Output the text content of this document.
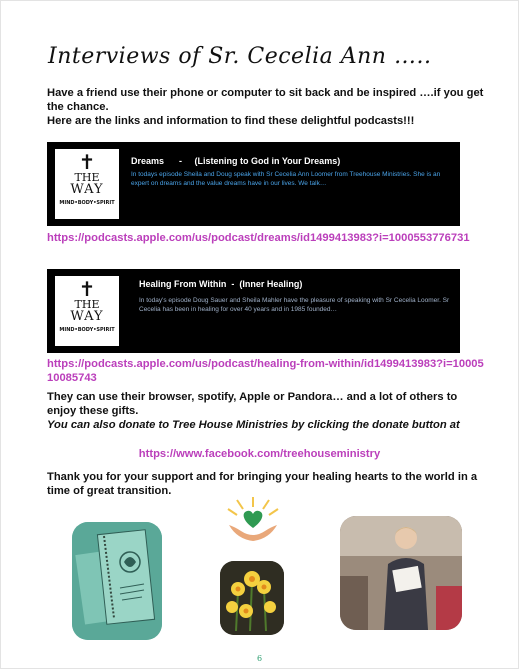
Interviews of Sr. Cecelia Ann …..

Have a friend use their phone or computer to sit back and be inspired ….if you get the chance.

Here are the links and information to find these delightful podcasts!!!

✝
THE
WAY
MIND•BODY•SPIRIT
Dreams      -     (Listening to God in Your Dreams)
In todays episode Sheila and Doug speak with Sr Cecelia Ann Loomer from Treehouse Ministries. She is an expert on dreams and the value dreams have in our lives. We talk…
https://podcasts.apple.com/us/podcast/dreams/id1499413983?i=1000553776731
✝
THE
WAY
MIND•BODY•SPIRIT
Healing From Within  -  (Inner Healing)
In today's episode Doug Sauer and Sheila Mahler have the pleasure of speaking with Sr Cecelia Loomer. Sr Cecelia has been in healing for over 40 years and in 1985 founded…
https://podcasts.apple.com/us/podcast/healing-from-within/id1499413983?i=1000510085743

They can use their browser, spotify, Apple or Pandora… and a lot of others to enjoy these gifts.

You can also donate to Tree House Ministries by clicking the donate button at

https://www.facebook.com/treehouseministry

Thank you for your support and for bringing your healing hearts to the world in a time of great transition.

6
